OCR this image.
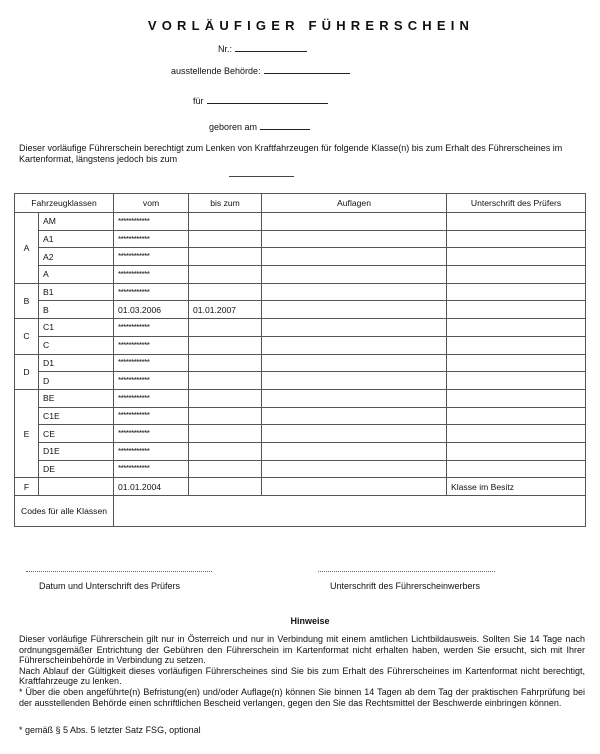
VORLÄUFIGER FÜHRERSCHEIN
Nr.:
ausstellende Behörde:
für
geboren am
Dieser vorläufige Führerschein berechtigt zum Lenken von Kraftfahrzeugen für folgende Klasse(n) bis zum Erhalt des Führerscheines im Kartenformat, längstens jedoch bis zum
Fahrzeugklassen		vom	bis zum	Auflagen	Unterschrift des Prüfers
A	AM	************			
	A1	************			
	A2	************			
	A	************			
B	B1	************			
	B	01.03.2006	01.01.2007		
C	C1	************			
	C	************			
D	D1	************			
	D	************			
E	BE	************			
	C1E	************			
	CE	************			
	D1E	************			
	DE	************			
F		01.01.2004			Klasse im Besitz
Codes für alle Klassen					
Datum und Unterschrift des Prüfers	Unterschrift des Führerscheinwerbers
Hinweise

Dieser vorläufige Führerschein gilt nur in Österreich und nur in Verbindung mit einem amtlichen Lichtbildausweis. Sollten Sie 14 Tage nach ordnungsgemäßer Entrichtung der Gebühren den Führerschein im Kartenformat nicht erhalten haben, werden Sie ersucht, sich mit Ihrer Führerscheinbehörde in Verbindung zu setzen.

Nach Ablauf der Gültigkeit dieses vorläufigen Führerscheines sind Sie bis zum Erhalt des Führerscheines im Kartenformat nicht berechtigt, Kraftfahrzeuge zu lenken.

* Über die oben angeführte(n) Befristung(en) und/oder Auflage(n) können Sie binnen 14 Tagen ab dem Tag der praktischen Fahrprüfung bei der ausstellenden Behörde einen schriftlichen Bescheid verlangen, gegen den Sie das Rechtsmittel der Beschwerde einbringen können.

* gemäß § 5 Abs. 5 letzter Satz FSG, optional
